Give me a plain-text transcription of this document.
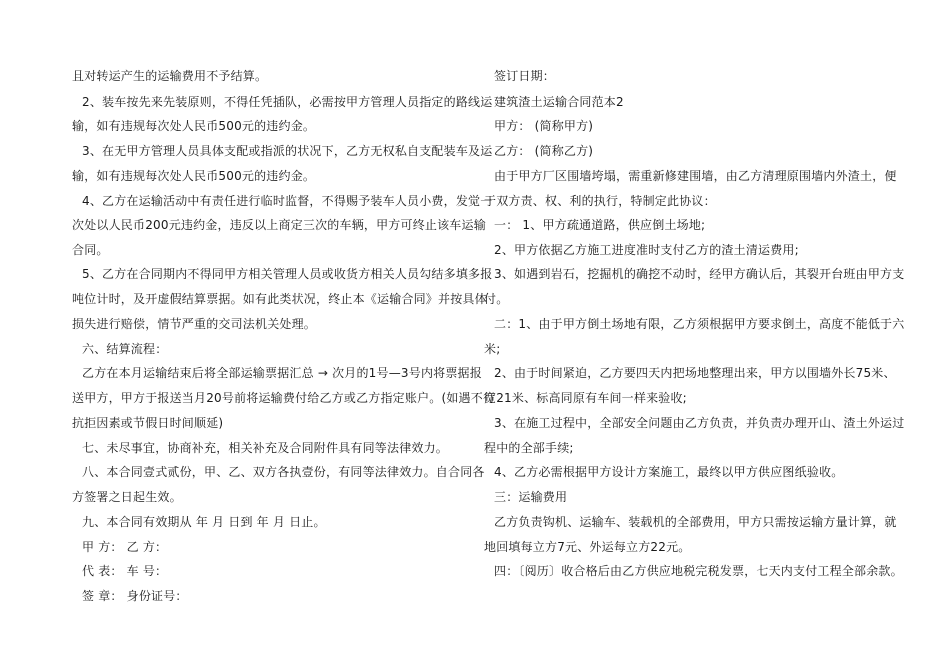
且对转运产生的运输费用不予结算。
2、装车按先来先装原则，不得任凭插队，必需按甲方管理人员指定的路线运
输，如有违规每次处人民币500元的违约金。
3、在无甲方管理人员具体支配或指派的状况下，乙方无权私自支配装车及运
输，如有违规每次处人民币500元的违约金。
4、乙方在运输活动中有责任进行临时监督，不得赐予装车人员小费，发觉一
次处以人民币200元违约金，违反以上商定三次的车辆，甲方可终止该车运输
合同。
5、乙方在合同期内不得同甲方相关管理人员或收货方相关人员勾结多填多报
吨位计时，及开虚假结算票据。如有此类状况，终止本《运输合同》并按具体
损失进行赔偿，情节严重的交司法机关处理。
六、结算流程：
乙方在本月运输结束后将全部运输票据汇总 → 次月的1号—3号内将票据报
送甲方，甲方于报送当月20号前将运输费付给乙方或乙方指定账户。(如遇不行
抗拒因素或节假日时间顺延)
七、未尽事宜，协商补充，相关补充及合同附件具有同等法律效力。
八、本合同壹式贰份，甲、乙、双方各执壹份，有同等法律效力。自合同各
方签署之日起生效。
九、本合同有效期从 年 月 日到 年 月 日止。
甲 方： 乙 方：
代 表： 车 号：
签 章： 身份证号：
签订日期：
建筑渣土运输合同范本2
甲方： (简称甲方)
乙方： (简称乙方)
由于甲方厂区围墙垮塌，需重新修建围墙，由乙方清理原围墙内外渣土，便
于双方责、权、利的执行，特制定此协议：
一： 1、甲方疏通道路，供应倒土场地;
2、甲方依据乙方施工进度准时支付乙方的渣土清运费用;
3、如遇到岩石，挖掘机的确挖不动时，经甲方确认后，其裂开台班由甲方支
付。
二：1、由于甲方倒土场地有限，乙方须根据甲方要求倒土，高度不能低于六
米;
2、由于时间紧迫，乙方要四天内把场地整理出来，甲方以围墙外长75米、
宽21米、标高同原有车间一样来验收;
3、在施工过程中，全部安全问题由乙方负责，并负责办理开山、渣土外运过
程中的全部手续;
4、乙方必需根据甲方设计方案施工，最终以甲方供应图纸验收。
三：运输费用
乙方负责钩机、运输车、装载机的全部费用，甲方只需按运输方量计算，就
地回填每立方7元、外运每立方22元。
四：〔阅历〕收合格后由乙方供应地税完税发票，七天内支付工程全部余款。
